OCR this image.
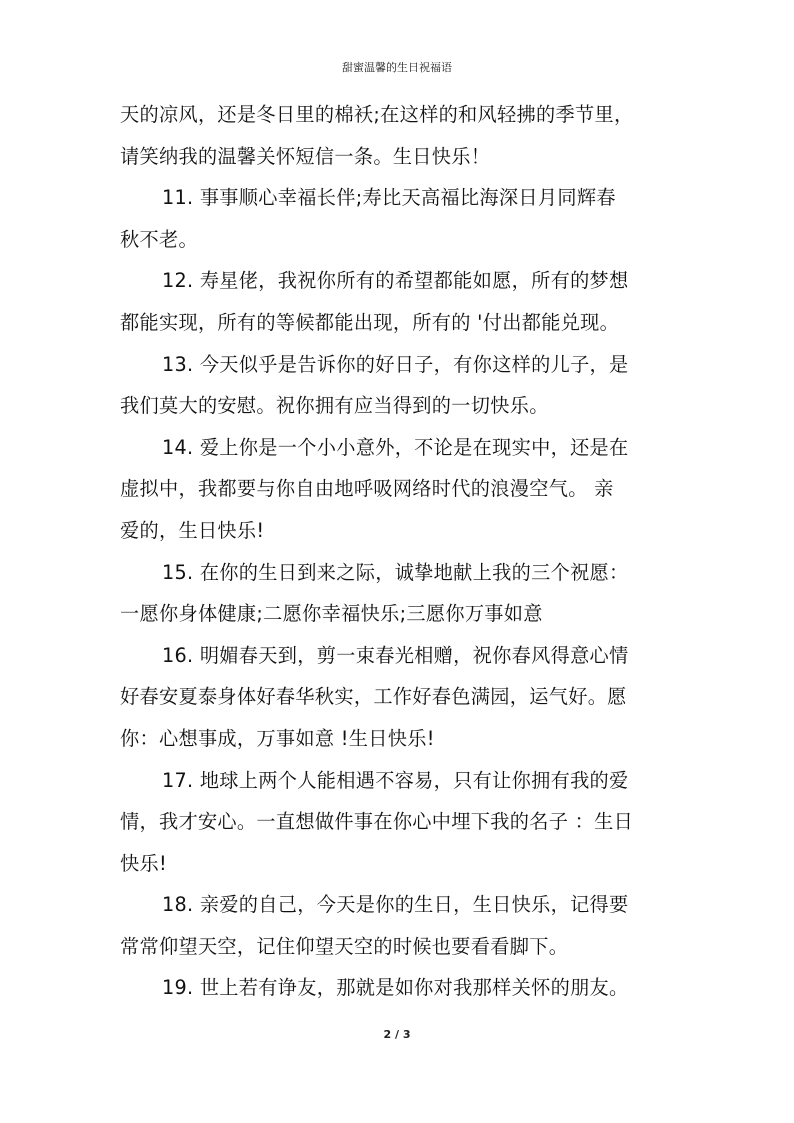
甜蜜温馨的生日祝福语
天的凉风，还是冬日里的棉袄;在这样的和风轻拂的季节里，
请笑纳我的温馨关怀短信一条。生日快乐！
11. 事事顺心幸福长伴;寿比天高福比海深日月同辉春
秋不老。
12. 寿星佬，我祝你所有的希望都能如愿，所有的梦想
都能实现，所有的等候都能出现，所有的 '付出都能兑现。
13. 今天似乎是告诉你的好日子，有你这样的儿子，是
我们莫大的安慰。祝你拥有应当得到的一切快乐。
14. 爱上你是一个小小意外，不论是在现实中，还是在
虚拟中，我都要与你自由地呼吸网络时代的浪漫空气。 亲
爱的，生日快乐!
15. 在你的生日到来之际，诚挚地献上我的三个祝愿：
一愿你身体健康;二愿你幸福快乐;三愿你万事如意
16. 明媚春天到，剪一束春光相赠，祝你春风得意心情
好春安夏泰身体好春华秋实，工作好春色满园，运气好。愿
你：心想事成，万事如意 !生日快乐!
17. 地球上两个人能相遇不容易，只有让你拥有我的爱
情，我才安心。一直想做件事在你心中埋下我的名子 ：生日
快乐!
18. 亲爱的自己，今天是你的生日，生日快乐，记得要
常常仰望天空，记住仰望天空的时候也要看看脚下。
19. 世上若有诤友，那就是如你对我那样关怀的朋友。
2 / 3
